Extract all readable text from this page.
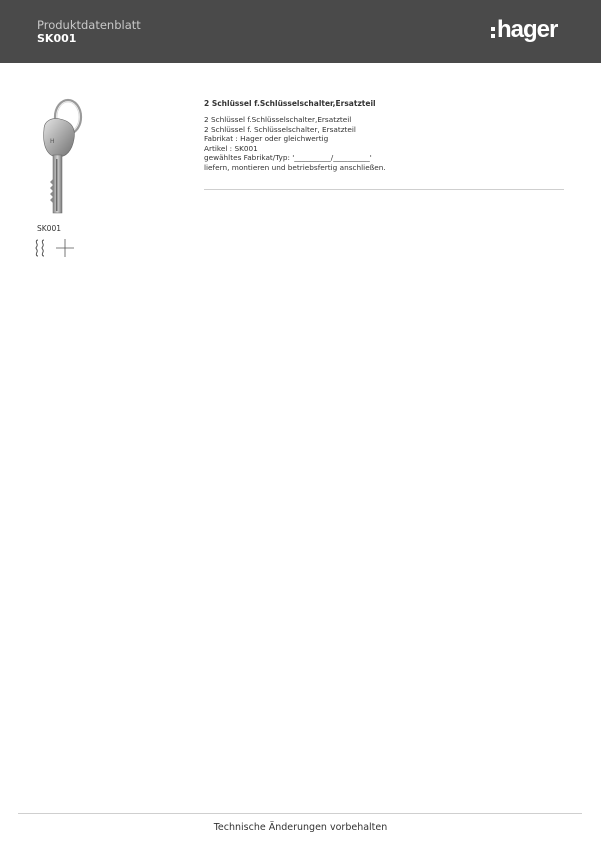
Produktdatenblatt
SK001	hager
H
SK001
2 Schlüssel f.Schlüsselschalter,Ersatzteil
2 Schlüssel f.Schlüsselschalter,Ersatzteil
2 Schlüssel f. Schlüsselschalter, Ersatzteil
Fabrikat : Hager oder gleichwertig
Artikel : SK001
gewähltes Fabrikat/Typ: '__________/__________'
liefern, montieren und betriebsfertig anschließen.
Technische Änderungen vorbehalten
